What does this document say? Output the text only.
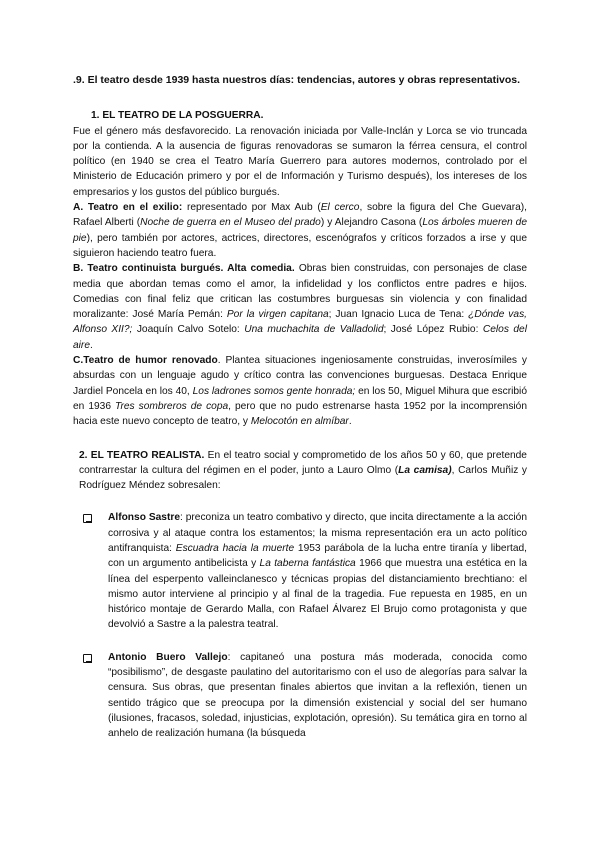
.9. El teatro desde 1939 hasta nuestros días: tendencias, autores y obras representativos.

1. EL TEATRO DE LA POSGUERRA.

Fue el género más desfavorecido. La renovación iniciada por Valle-Inclán y Lorca se vio truncada por la contienda. A la ausencia de figuras renovadoras se sumaron la férrea censura, el control político (en 1940 se crea el Teatro María Guerrero para autores modernos, controlado por el Ministerio de Educación primero y por el de Información y Turismo después), los intereses de los empresarios y los gustos del público burgués.

A. Teatro en el exilio: representado por Max Aub (El cerco, sobre la figura del Che Guevara), Rafael Alberti (Noche de guerra en el Museo del prado) y Alejandro Casona (Los árboles mueren de pie), pero también por actores, actrices, directores, escenógrafos y críticos forzados a irse y que siguieron haciendo teatro fuera.

B. Teatro continuista burgués. Alta comedia. Obras bien construidas, con personajes de clase media que abordan temas como el amor, la infidelidad y los conflictos entre padres e hijos. Comedias con final feliz que critican las costumbres burguesas sin violencia y con finalidad moralizante: José María Pemán: Por la virgen capitana; Juan Ignacio Luca de Tena: ¿Dónde vas, Alfonso XII?; Joaquín Calvo Sotelo: Una muchachita de Valladolid; José López Rubio: Celos del aire.

C.Teatro de humor renovado. Plantea situaciones ingeniosamente construidas, inverosímiles y absurdas con un lenguaje agudo y crítico contra las convenciones burguesas. Destaca Enrique Jardiel Poncela en los 40, Los ladrones somos gente honrada; en los 50, Miguel Mihura que escribió en 1936 Tres sombreros de copa, pero que no pudo estrenarse hasta 1952 por la incomprensión hacia este nuevo concepto de teatro, y Melocotón en almíbar.

2. EL TEATRO REALISTA. En el teatro social y comprometido de los años 50 y 60, que pretende contrarrestar la cultura del régimen en el poder, junto a Lauro Olmo (La camisa), Carlos Muñiz y Rodríguez Méndez sobresalen:

Alfonso Sastre: preconiza un teatro combativo y directo, que incita directamente a la acción corrosiva y al ataque contra los estamentos; la misma representación era un acto político antifranquista: Escuadra hacia la muerte 1953 parábola de la lucha entre tiranía y libertad, con un argumento antibelicista y La taberna fantástica 1966 que muestra una estética en la línea del esperpento valleinclanesco y técnicas propias del distanciamiento brechtiano: el mismo autor interviene al principio y al final de la tragedia. Fue repuesta en 1985, en un histórico montaje de Gerardo Malla, con Rafael Álvarez El Brujo como protagonista y que devolvió a Sastre a la palestra teatral.

Antonio Buero Vallejo: capitaneó una postura más moderada, conocida como “posibilismo”, de desgaste paulatino del autoritarismo con el uso de alegorías para salvar la censura. Sus obras, que presentan finales abiertos que invitan a la reflexión, tienen un sentido trágico que se preocupa por la dimensión existencial y social del ser humano (ilusiones, fracasos, soledad, injusticias, explotación, opresión). Su temática gira en torno al anhelo de realización humana (la búsqueda
